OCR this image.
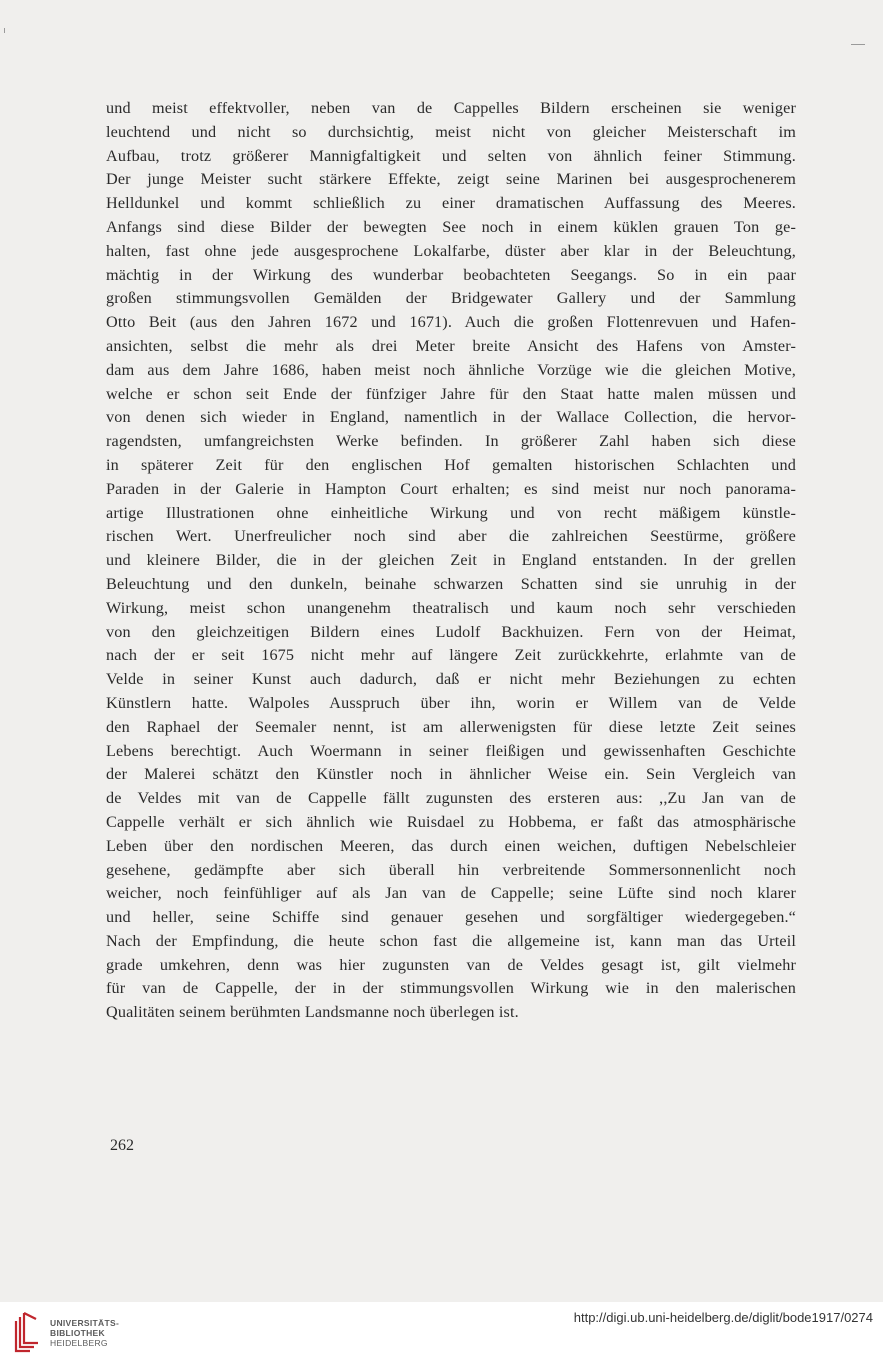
und meist effektvoller, neben van de Cappelles Bildern erscheinen sie weniger
leuchtend und nicht so durchsichtig, meist nicht von gleicher Meisterschaft im
Aufbau, trotz größerer Mannigfaltigkeit und selten von ähnlich feiner Stimmung.
Der junge Meister sucht stärkere Effekte, zeigt seine Marinen bei ausgesprochenerem
Helldunkel und kommt schließlich zu einer dramatischen Auffassung des Meeres.
Anfangs sind diese Bilder der bewegten See noch in einem küklen grauen Ton ge-
halten, fast ohne jede ausgesprochene Lokalfarbe, düster aber klar in der Beleuchtung,
mächtig in der Wirkung des wunderbar beobachteten Seegangs. So in ein paar
großen stimmungsvollen Gemälden der Bridgewater Gallery und der Sammlung
Otto Beit (aus den Jahren 1672 und 1671). Auch die großen Flottenrevuen und Hafen-
ansichten, selbst die mehr als drei Meter breite Ansicht des Hafens von Amster-
dam aus dem Jahre 1686, haben meist noch ähnliche Vorzüge wie die gleichen Motive,
welche er schon seit Ende der fünfziger Jahre für den Staat hatte malen müssen und
von denen sich wieder in England, namentlich in der Wallace Collection, die hervor-
ragendsten, umfangreichsten Werke befinden. In größerer Zahl haben sich diese
in späterer Zeit für den englischen Hof gemalten historischen Schlachten und
Paraden in der Galerie in Hampton Court erhalten; es sind meist nur noch panorama-
artige Illustrationen ohne einheitliche Wirkung und von recht mäßigem künstle-
rischen Wert. Unerfreulicher noch sind aber die zahlreichen Seestürme, größere
und kleinere Bilder, die in der gleichen Zeit in England entstanden. In der grellen
Beleuchtung und den dunkeln, beinahe schwarzen Schatten sind sie unruhig in der
Wirkung, meist schon unangenehm theatralisch und kaum noch sehr verschieden
von den gleichzeitigen Bildern eines Ludolf Backhuizen. Fern von der Heimat,
nach der er seit 1675 nicht mehr auf längere Zeit zurückkehrte, erlahmte van de
Velde in seiner Kunst auch dadurch, daß er nicht mehr Beziehungen zu echten
Künstlern hatte. Walpoles Ausspruch über ihn, worin er Willem van de Velde
den Raphael der Seemaler nennt, ist am allerwenigsten für diese letzte Zeit seines
Lebens berechtigt. Auch Woermann in seiner fleißigen und gewissenhaften Geschichte
der Malerei schätzt den Künstler noch in ähnlicher Weise ein. Sein Vergleich van
de Veldes mit van de Cappelle fällt zugunsten des ersteren aus: ,,Zu Jan van de
Cappelle verhält er sich ähnlich wie Ruisdael zu Hobbema, er faßt das atmosphärische
Leben über den nordischen Meeren, das durch einen weichen, duftigen Nebelschleier
gesehene, gedämpfte aber sich überall hin verbreitende Sommersonnenlicht noch
weicher, noch feinfühliger auf als Jan van de Cappelle; seine Lüfte sind noch klarer
und heller, seine Schiffe sind genauer gesehen und sorgfältiger wiedergegeben.“
Nach der Empfindung, die heute schon fast die allgemeine ist, kann man das Urteil
grade umkehren, denn was hier zugunsten van de Veldes gesagt ist, gilt vielmehr
für van de Cappelle, der in der stimmungsvollen Wirkung wie in den malerischen
Qualitäten seinem berühmten Landsmanne noch überlegen ist.
262
UNIVERSITÄTS-
BIBLIOTHEK
HEIDELBERG
http://digi.ub.uni-heidelberg.de/diglit/bode1917/0274
